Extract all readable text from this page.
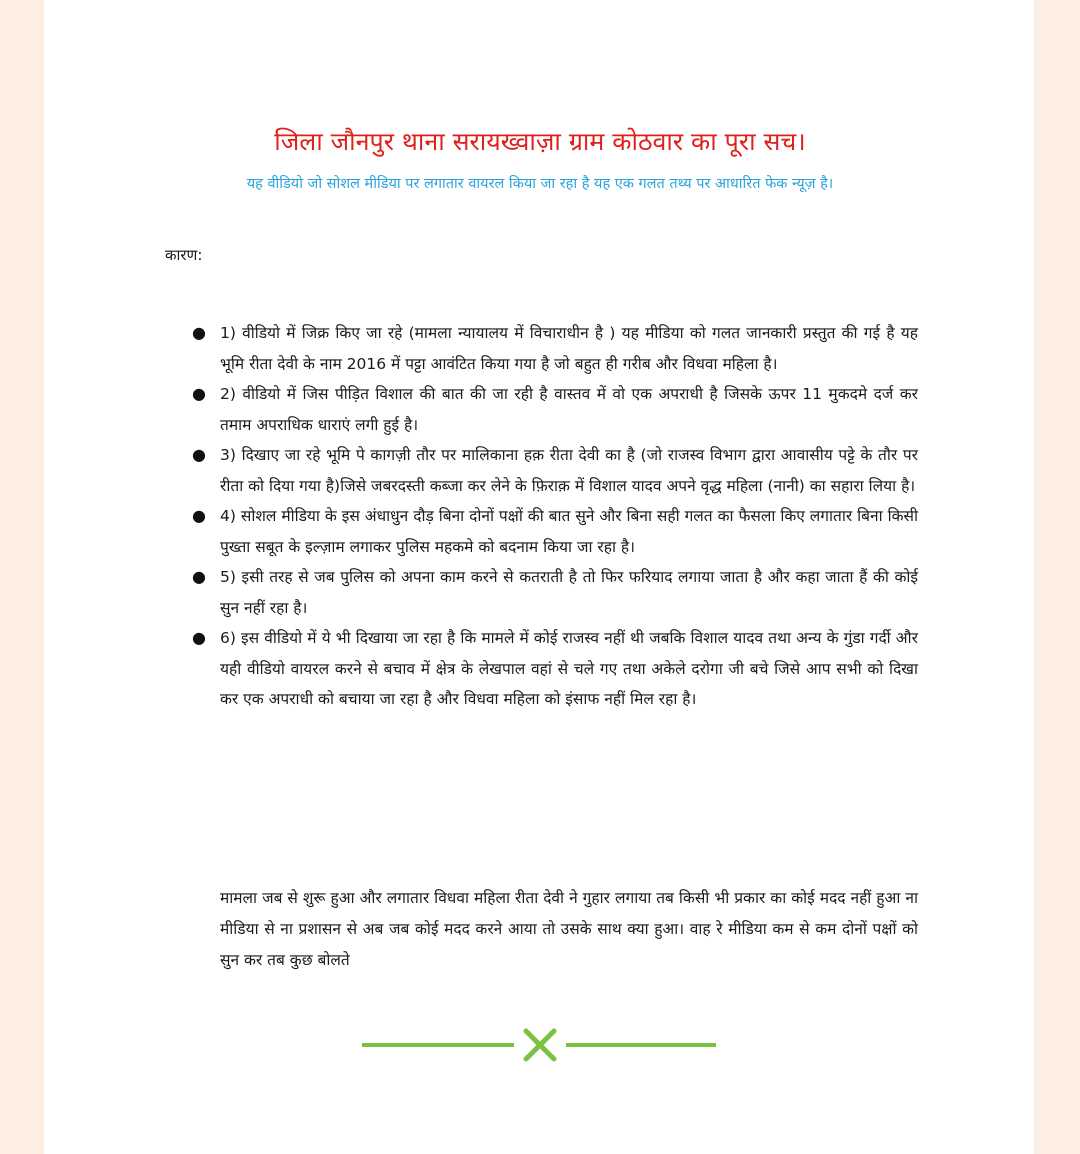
जिला जौनपुर थाना सरायख्वाज़ा ग्राम कोठवार का पूरा सच।

यह वीडियो जो सोशल मीडिया पर लगातार वायरल किया जा रहा है यह एक गलत तथ्य पर आधारित फेक न्यूज़ है।

कारण:

● 1) वीडियो में जिक्र किए जा रहे (मामला न्यायालय में विचाराधीन है ) यह मीडिया को गलत जानकारी प्रस्तुत की गई है यह भूमि रीता देवी के नाम 2016 में पट्टा आवंटित किया गया है जो बहुत ही गरीब और विधवा महिला है।
● 2) वीडियो में जिस पीड़ित विशाल की बात की जा रही है वास्तव में वो एक अपराधी है जिसके ऊपर 11 मुकदमे दर्ज कर तमाम अपराधिक धाराएं लगी हुई है।
● 3) दिखाए जा रहे भूमि पे कागज़ी तौर पर मालिकाना हक़ रीता देवी का है (जो राजस्व विभाग द्वारा आवासीय पट्टे के तौर पर रीता को दिया गया है)जिसे जबरदस्ती कब्जा कर लेने के फ़िराक़ में विशाल यादव अपने वृद्ध महिला (नानी) का सहारा लिया है।
● 4) सोशल मीडिया के इस अंधाधुन दौड़ बिना दोनों पक्षों की बात सुने और बिना सही गलत का फैसला किए लगातार बिना किसी पुख्ता सबूत के इल्ज़ाम लगाकर पुलिस महकमे को बदनाम किया जा रहा है।
● 5) इसी तरह से जब पुलिस को अपना काम करने से कतराती है तो फिर फरियाद लगाया जाता है और कहा जाता हैं की कोई सुन नहीं रहा है।
● 6) इस वीडियो में ये भी दिखाया जा रहा है कि मामले में कोई राजस्व नहीं थी जबकि विशाल यादव तथा अन्य के गुंडा गर्दी और यही वीडियो वायरल करने से बचाव में क्षेत्र के लेखपाल वहां से चले गए तथा अकेले दरोगा जी बचे जिसे आप सभी को दिखा कर एक अपराधी को बचाया जा रहा है और विधवा महिला को इंसाफ नहीं मिल रहा है।

मामला जब से शुरू हुआ और लगातार विधवा महिला रीता देवी ने गुहार लगाया तब किसी भी प्रकार का कोई मदद नहीं हुआ ना मीडिया से ना प्रशासन से अब जब कोई मदद करने आया तो उसके साथ क्या हुआ। वाह रे मीडिया कम से कम दोनों पक्षों को सुन कर तब कुछ बोलते
